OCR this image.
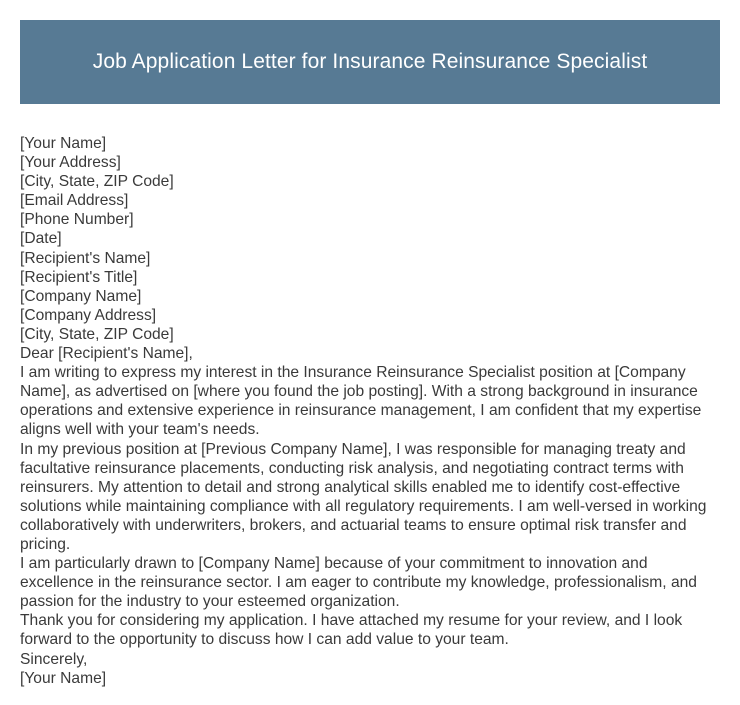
Job Application Letter for Insurance Reinsurance Specialist

[Your Name]

[Your Address]

[City, State, ZIP Code]

[Email Address]

[Phone Number]

[Date]

[Recipient's Name]

[Recipient's Title]

[Company Name]

[Company Address]

[City, State, ZIP Code]

Dear [Recipient's Name],

I am writing to express my interest in the Insurance Reinsurance Specialist position at [Company Name], as advertised on [where you found the job posting]. With a strong background in insurance operations and extensive experience in reinsurance management, I am confident that my expertise aligns well with your team's needs.

In my previous position at [Previous Company Name], I was responsible for managing treaty and facultative reinsurance placements, conducting risk analysis, and negotiating contract terms with reinsurers. My attention to detail and strong analytical skills enabled me to identify cost-effective solutions while maintaining compliance with all regulatory requirements. I am well-versed in working collaboratively with underwriters, brokers, and actuarial teams to ensure optimal risk transfer and pricing.

I am particularly drawn to [Company Name] because of your commitment to innovation and excellence in the reinsurance sector. I am eager to contribute my knowledge, professionalism, and passion for the industry to your esteemed organization.

Thank you for considering my application. I have attached my resume for your review, and I look forward to the opportunity to discuss how I can add value to your team.

Sincerely,

[Your Name]
